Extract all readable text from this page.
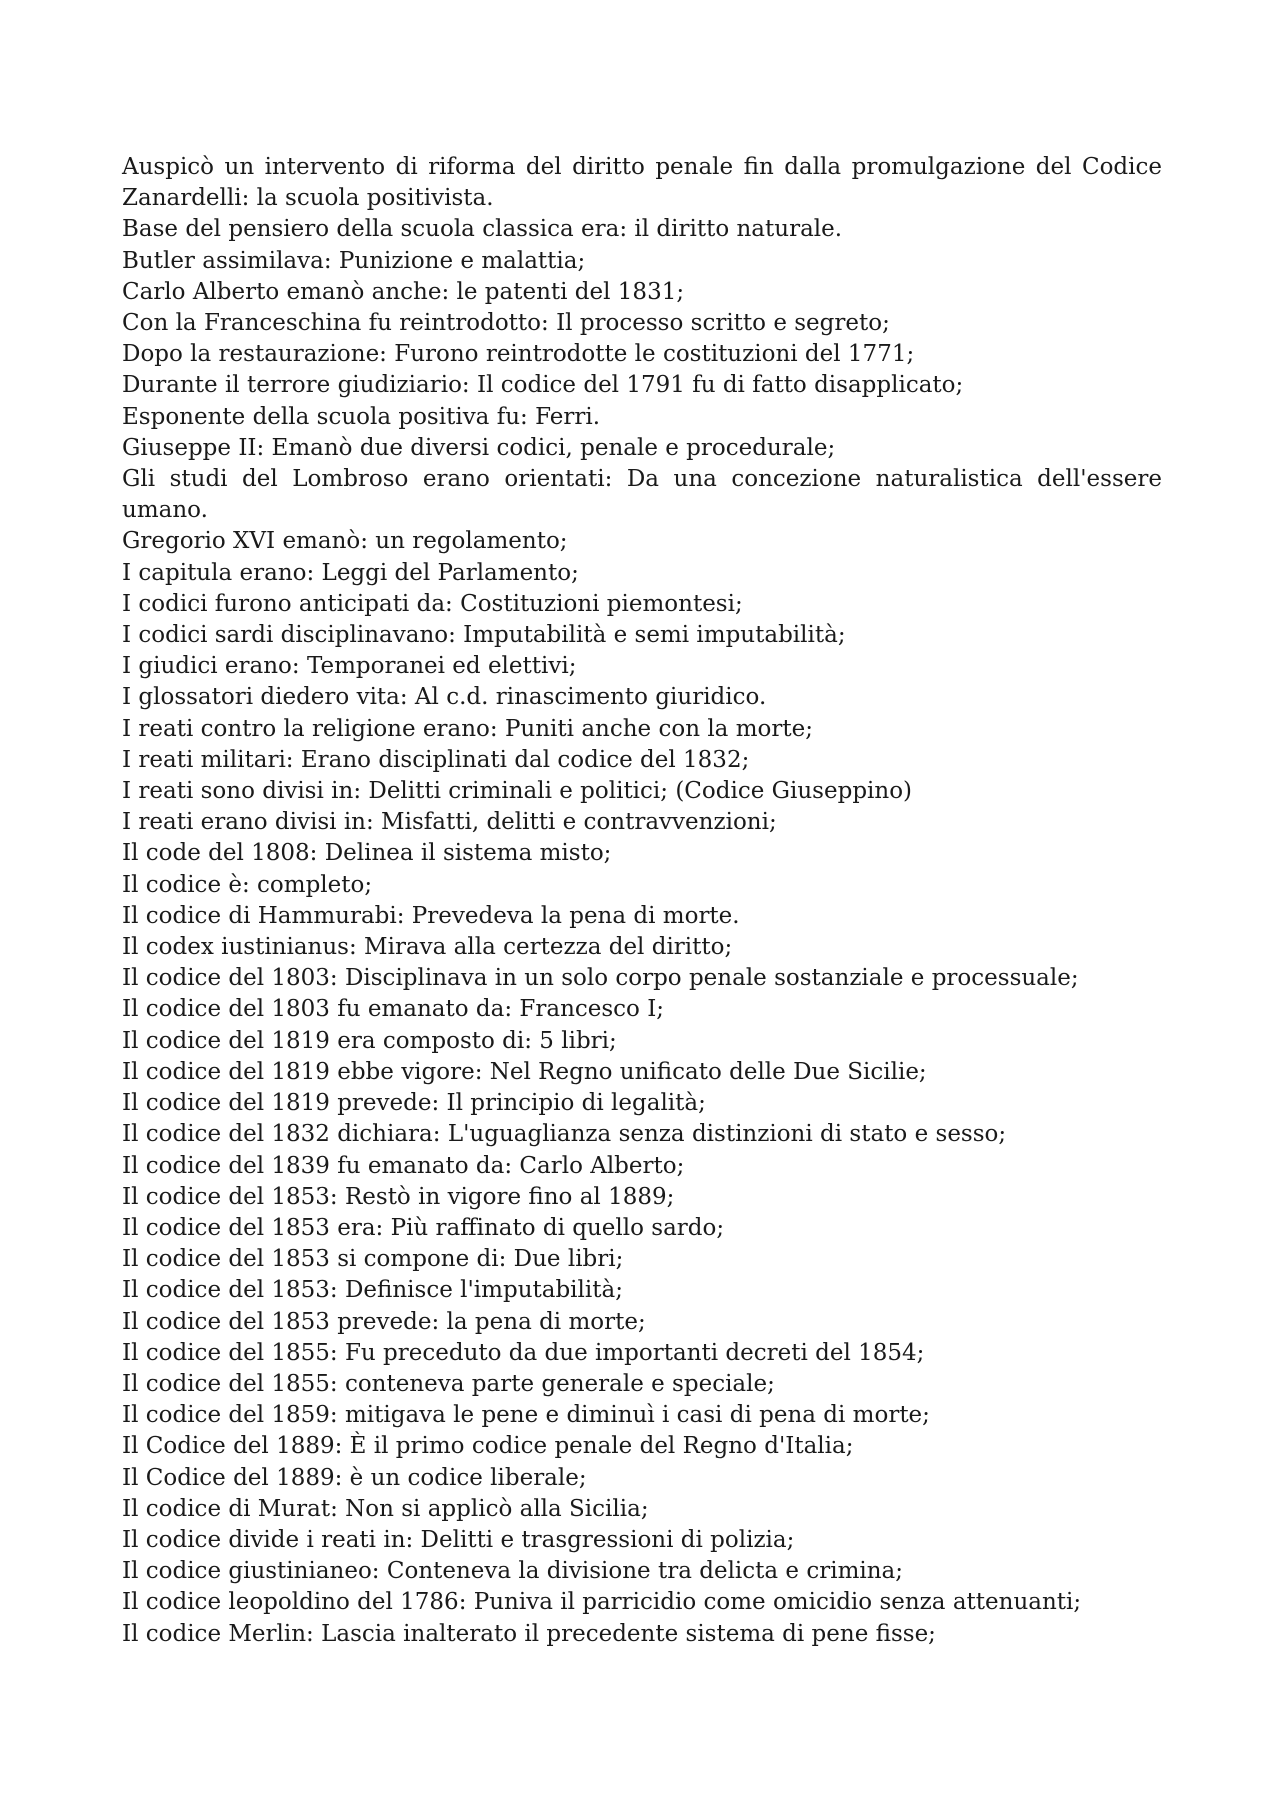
Auspicò un intervento di riforma del diritto penale fin dalla promulgazione del Codice Zanardelli: la scuola positivista.

Base del pensiero della scuola classica era: il diritto naturale.

Butler assimilava: Punizione e malattia;

Carlo Alberto emanò anche: le patenti del 1831;

Con la Franceschina fu reintrodotto: Il processo scritto e segreto;

Dopo la restaurazione: Furono reintrodotte le costituzioni del 1771;

Durante il terrore giudiziario: Il codice del 1791 fu di fatto disapplicato;

Esponente della scuola positiva fu: Ferri.

Giuseppe II: Emanò due diversi codici, penale e procedurale;

Gli studi del Lombroso erano orientati: Da una concezione naturalistica dell'essere umano.

Gregorio XVI emanò: un regolamento;

I capitula erano: Leggi del Parlamento;

I codici furono anticipati da: Costituzioni piemontesi;

I codici sardi disciplinavano: Imputabilità e semi imputabilità;

I giudici erano: Temporanei ed elettivi;

I glossatori diedero vita: Al c.d. rinascimento giuridico.

I reati contro la religione erano: Puniti anche con la morte;

I reati militari: Erano disciplinati dal codice del 1832;

I reati sono divisi in: Delitti criminali e politici; (Codice Giuseppino)

I reati erano divisi in: Misfatti, delitti e contravvenzioni;

Il code del 1808: Delinea il sistema misto;

Il codice è: completo;

Il codice di Hammurabi: Prevedeva la pena di morte.

Il codex iustinianus: Mirava alla certezza del diritto;

Il codice del 1803: Disciplinava in un solo corpo penale sostanziale e processuale;

Il codice del 1803 fu emanato da: Francesco I;

Il codice del 1819 era composto di: 5 libri;

Il codice del 1819 ebbe vigore: Nel Regno unificato delle Due Sicilie;

Il codice del 1819 prevede: Il principio di legalità;

Il codice del 1832 dichiara: L'uguaglianza senza distinzioni di stato e sesso;

Il codice del 1839 fu emanato da: Carlo Alberto;

Il codice del 1853: Restò in vigore fino al 1889;

Il codice del 1853 era: Più raffinato di quello sardo;

Il codice del 1853 si compone di: Due libri;

Il codice del 1853: Definisce l'imputabilità;

Il codice del 1853 prevede: la pena di morte;

Il codice del 1855: Fu preceduto da due importanti decreti del 1854;

Il codice del 1855: conteneva parte generale e speciale;

Il codice del 1859: mitigava le pene e diminuì i casi di pena di morte;

Il Codice del 1889: È il primo codice penale del Regno d'Italia;

Il Codice del 1889: è un codice liberale;

Il codice di Murat: Non si applicò alla Sicilia;

Il codice divide i reati in: Delitti e trasgressioni di polizia;

Il codice giustinianeo: Conteneva la divisione tra delicta e crimina;

Il codice leopoldino del 1786: Puniva il parricidio come omicidio senza attenuanti;

Il codice Merlin: Lascia inalterato il precedente sistema di pene fisse;
